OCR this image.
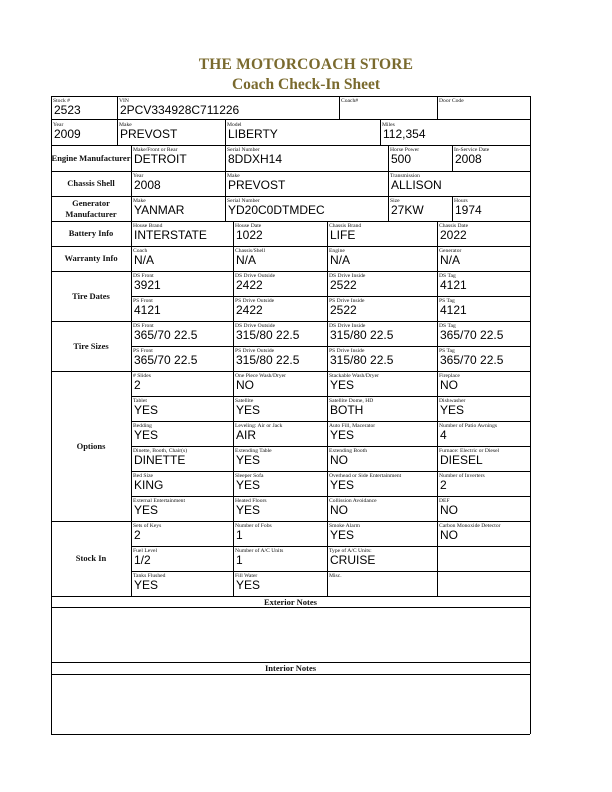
THE MOTORCOACH STORE
Coach Check-In Sheet
Stock #
2523
VIN
2PCV334928C711226
Coach#	Door Code
Year
2009
Make
PREVOST
Model
LIBERTY
Miles
112,354
Engine Manufacturer
Make/Front or Rear
DETROIT
Serial Number
8DDXH14
Horse Power
500
In-Service Date
2008
Chassis Shell
Year
2008
Make
PREVOST
Transmission
ALLISON
Generator Manufacturer
Make
YANMAR
Serial Number
YD20C0DTMDEC
Size
27KW
Hours
1974
Battery Info
House Brand
INTERSTATE
House Date
1022
Chassis Brand
LIFE
Chassis Date
2022
Warranty Info
Coach
N/A
Chassis/Shell
N/A
Engine
N/A
Generator
N/A
DS Front
3921
DS Drive Outside
2422
DS Drive Inside
2522
DS Tag
4121
PS Front
4121
PS Drive Outside
2422
PS Drive Inside
2522
PS Tag
4121
Tire Dates
DS Front
365/70 22.5
DS Drive Outside
315/80 22.5
DS Drive Inside
315/80 22.5
DS Tag
365/70 22.5
PS Front
365/70 22.5
PS Drive Outside
315/80 22.5
PS Drive Inside
315/80 22.5
PS Tag
365/70 22.5
Tire Sizes
# Slides
2
One Piece Wash/Dryer
NO
Stackable Wash/Dryer
YES
Fireplace
NO
Tablet
YES
Satellite
YES
Satellite Dome, HD
BOTH
Dishwasher
YES
Bedding
YES
Leveling: Air or Jack
AIR
Auto Fill, Macerator
YES
Number of Patio Awnings
4
Dinette, Booth, Chair(s)
DINETTE
Extending Table
YES
Extending Booth
NO
Furnace: Electric or Diesel
DIESEL
Bed Size
KING
Sleeper Sofa
YES
Overhead or Side Entertainment
YES
Number of Inverters
2
External Entertainment
YES
Heated Floors
YES
Collission Avoidance
NO
DEF
NO
Options
Sets of Keys
2
Number of Fobs
1
Smoke Alarm
YES
Carbon Monoxide Detector
NO
Fuel Level
1/2
Number of A/C Units
1
Type of A/C Units:
CRUISE
Tanks Flushed
YES
Fill Water
YES
Misc.
Stock In
Exterior Notes
Interior Notes
